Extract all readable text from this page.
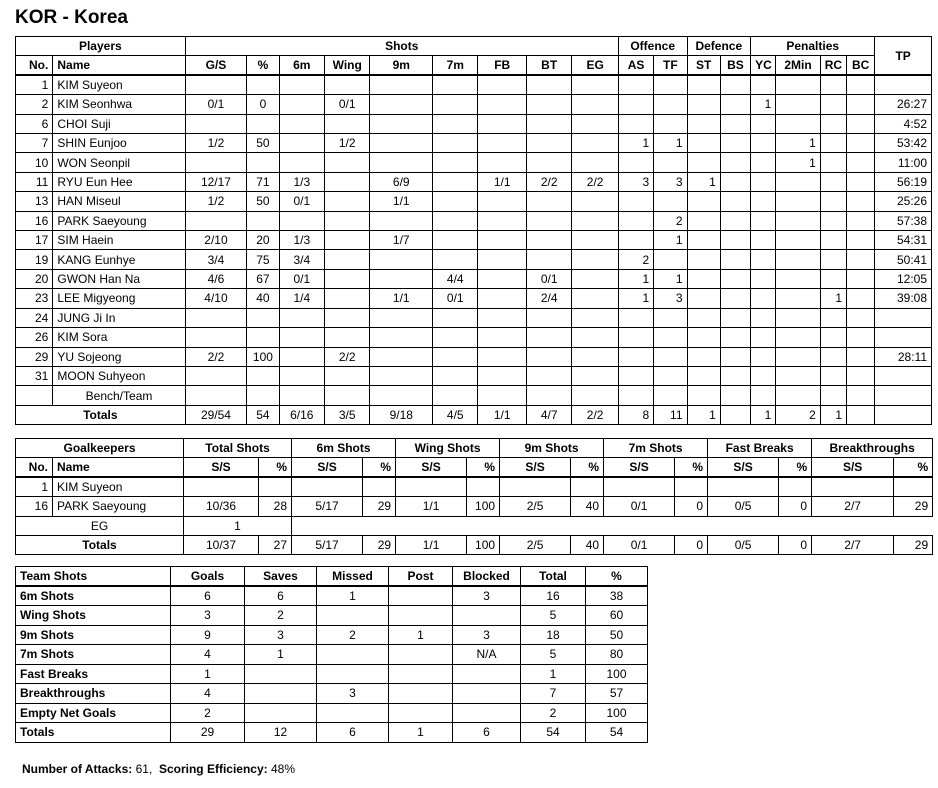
KOR - Korea
Players		Shots									Offence		Defence		Penalties				TP
No.	Name	G/S	%	6m	Wing	9m	7m	FB	BT	EG	AS	TF	ST	BS	YC	2Min	RC	BC	
1	KIM Suyeon																		
2	KIM Seonhwa	0/1	0		0/1										1				26:27
6	CHOI Suji																		4:52
7	SHIN Eunjoo	1/2	50		1/2						1	1				1			53:42
10	WON Seonpil															1			11:00
11	RYU Eun Hee	12/17	71	1/3		6/9		1/1	2/2	2/2	3	3	1						56:19
13	HAN Miseul	1/2	50	0/1		1/1													25:26
16	PARK Saeyoung											2							57:38
17	SIM Haein	2/10	20	1/3		1/7						1							54:31
19	KANG Eunhye	3/4	75	3/4							2								50:41
20	GWON Han Na	4/6	67	0/1			4/4		0/1		1	1							12:05
23	LEE Migyeong	4/10	40	1/4		1/1	0/1		2/4		1	3					1		39:08
24	JUNG Ji In																		
26	KIM Sora																		
29	YU Sojeong	2/2	100		2/2														28:11
31	MOON Suhyeon																		
	Bench/Team																		
Totals		29/54	54	6/16	3/5	9/18	4/5	1/1	4/7	2/2	8	11	1		1	2	1		
Goalkeepers		Total Shots		6m Shots		Wing Shots		9m Shots		7m Shots		Fast Breaks		Breakthroughs	
No.	Name	S/S	%	S/S	%	S/S	%	S/S	%	S/S	%	S/S	%	S/S	%
1	KIM Suyeon														
16	PARK Saeyoung	10/36	28	5/17	29	1/1	100	2/5	40	0/1	0	0/5	0	2/7	29
EG		1													
Totals		10/37	27	5/17	29	1/1	100	2/5	40	0/1	0	0/5	0	2/7	29
Team Shots	Goals	Saves	Missed	Post	Blocked	Total	%
6m Shots	6	6	1		3	16	38
Wing Shots	3	2				5	60
9m Shots	9	3	2	1	3	18	50
7m Shots	4	1			N/A	5	80
Fast Breaks	1					1	100
Breakthroughs	4		3			7	57
Empty Net Goals	2					2	100
Totals	29	12	6	1	6	54	54

Number of Attacks: 61, Scoring Efficiency: 48%
